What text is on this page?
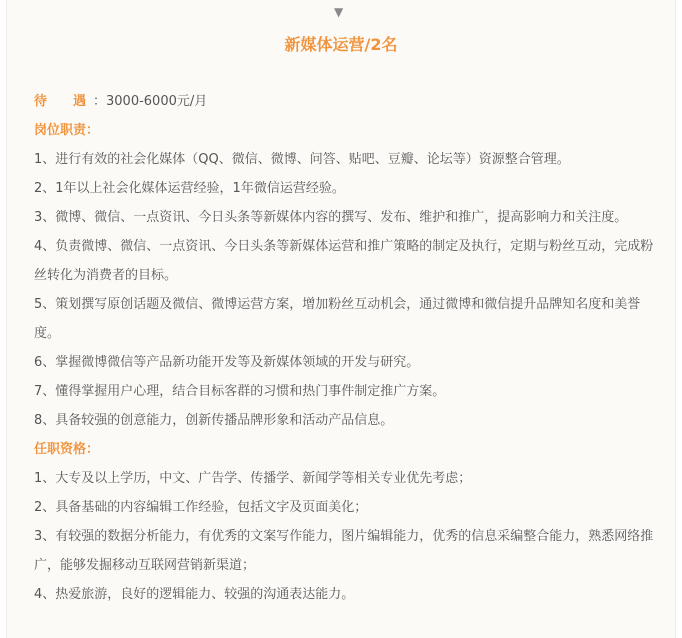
▼
新媒体运营/2名
待 遇 ：3000-6000元/月
岗位职责：
1、进行有效的社会化媒体（QQ、微信、微博、问答、贴吧、豆瓣、论坛等）资源整合管理。
2、1年以上社会化媒体运营经验，1年微信运营经验。
3、微博、微信、一点资讯、今日头条等新媒体内容的撰写、发布、维护和推广，提高影响力和关注度。
4、负责微博、微信、一点资讯、今日头条等新媒体运营和推广策略的制定及执行，定期与粉丝互动，完成粉丝转化为消费者的目标。
5、策划撰写原创话题及微信、微博运营方案，增加粉丝互动机会，通过微博和微信提升品牌知名度和美誉度。
6、掌握微博微信等产品新功能开发等及新媒体领域的开发与研究。
7、懂得掌握用户心理，结合目标客群的习惯和热门事件制定推广方案。
8、具备较强的创意能力，创新传播品牌形象和活动产品信息。
任职资格：
1、大专及以上学历，中文、广告学、传播学、新闻学等相关专业优先考虑；
2、具备基础的内容编辑工作经验，包括文字及页面美化；
3、有较强的数据分析能力，有优秀的文案写作能力，图片编辑能力，优秀的信息采编整合能力，熟悉网络推广，能够发掘移动互联网营销新渠道；
4、热爱旅游，良好的逻辑能力、较强的沟通表达能力。
